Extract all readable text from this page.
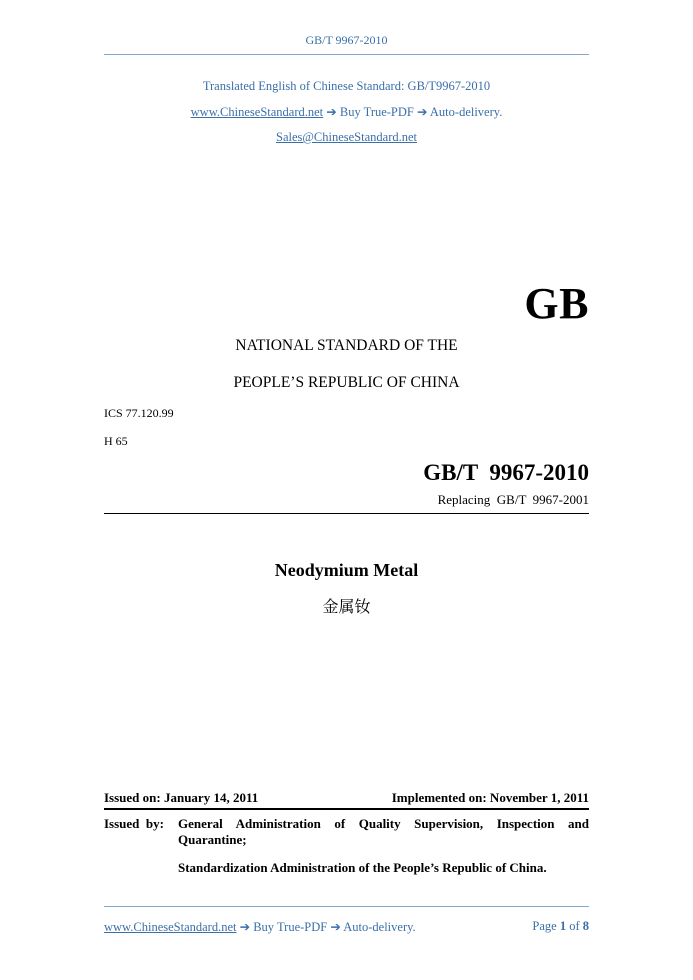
GB/T 9967-2010
Translated English of Chinese Standard: GB/T9967-2010
www.ChineseStandard.net ➔ Buy True-PDF ➔ Auto-delivery.
Sales@ChineseStandard.net
GB
NATIONAL STANDARD OF THE
PEOPLE’S REPUBLIC OF CHINA
ICS 77.120.99
H 65
GB/T  9967-2010
Replacing  GB/T  9967-2001
Neodymium Metal
金属钕
Issued on: January 14, 2011	Implemented on: November 1, 2011
Issued  by: General  Administration  of  Quality  Supervision,  Inspection  and Quarantine;
Standardization Administration of the People’s Republic of China.
www.ChineseStandard.net ➔ Buy True-PDF ➔ Auto-delivery.	Page 1 of 8
